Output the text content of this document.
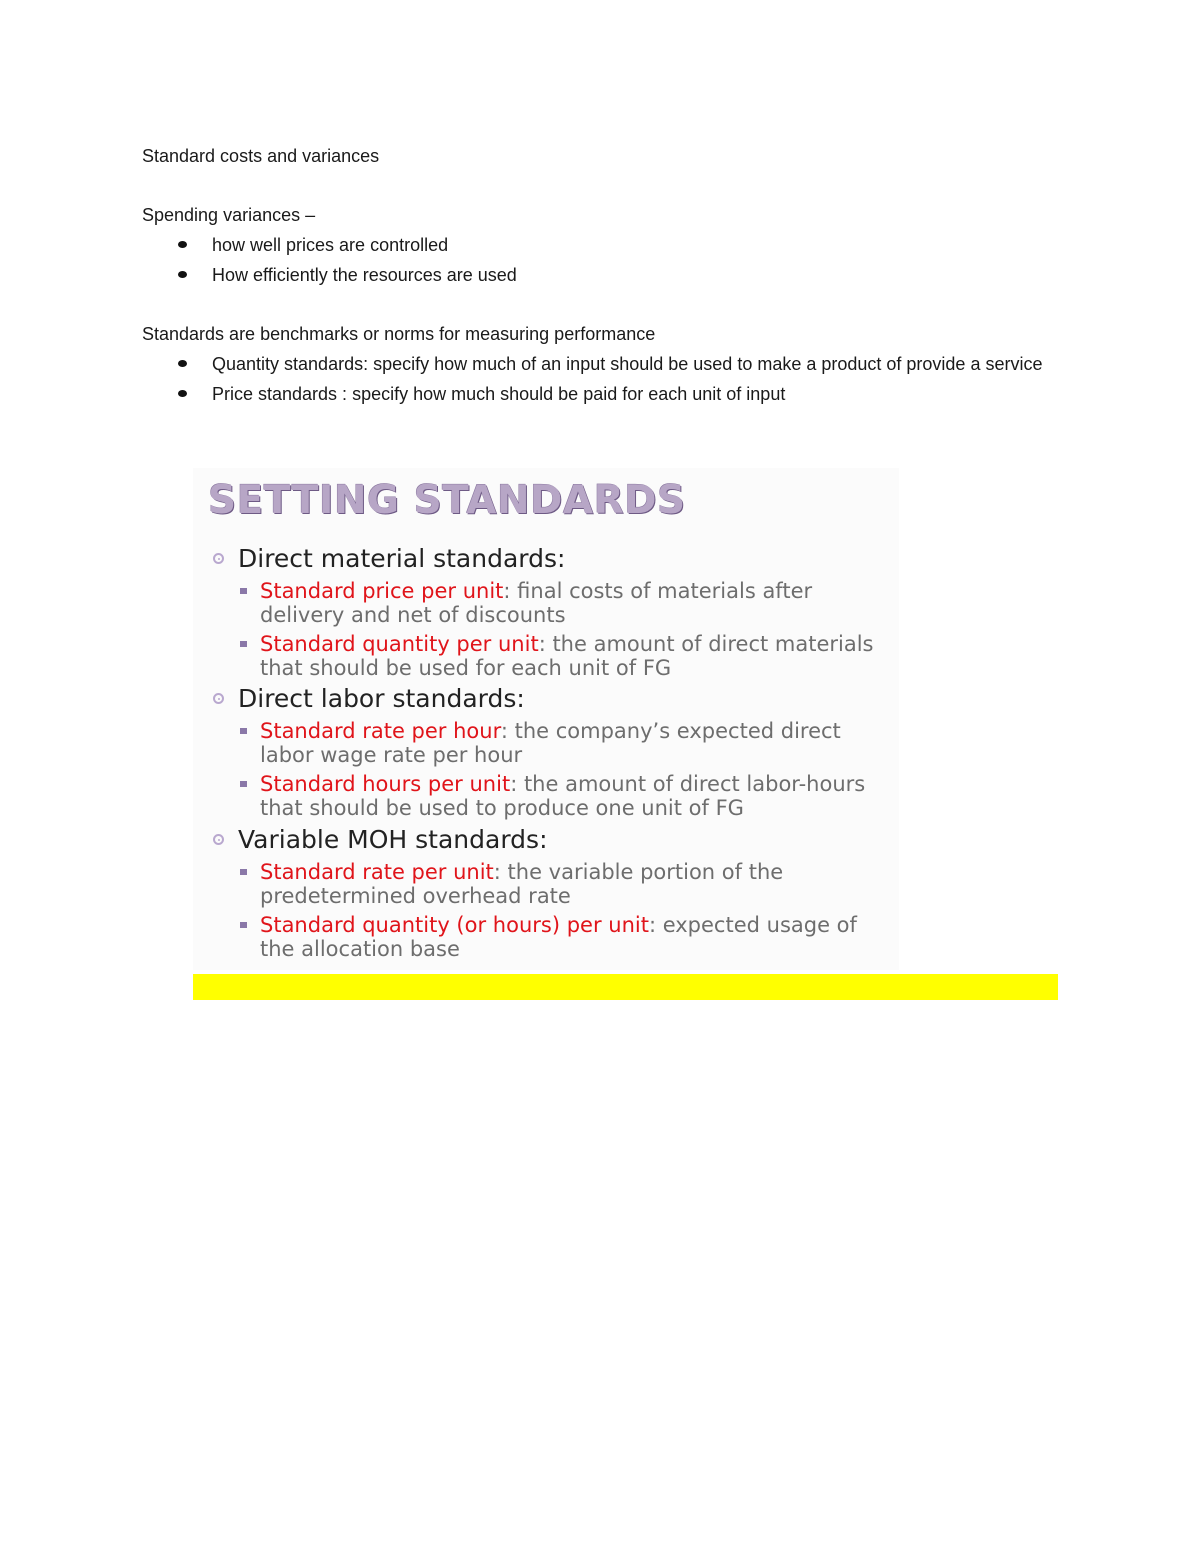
Standard costs and variances
Spending variances –

how well prices are controlled

How efficiently the resources are used

Standards are benchmarks or norms for measuring performance

Quantity standards: specify how much of an input should be used to make a product of provide a service

Price standards : specify how much should be paid for each unit of input

SETTING STANDARDS
Direct material standards:
Standard price per unit: final costs of materials after delivery and net of discounts
Standard quantity per unit: the amount of direct materials that should be used for each unit of FG
Direct labor standards:
Standard rate per hour: the company’s expected direct labor wage rate per hour
Standard hours per unit: the amount of direct labor-hours that should be used to produce one unit of FG
Variable MOH standards:
Standard rate per unit: the variable portion of the predetermined overhead rate
Standard quantity (or hours) per unit: expected usage of the allocation base
